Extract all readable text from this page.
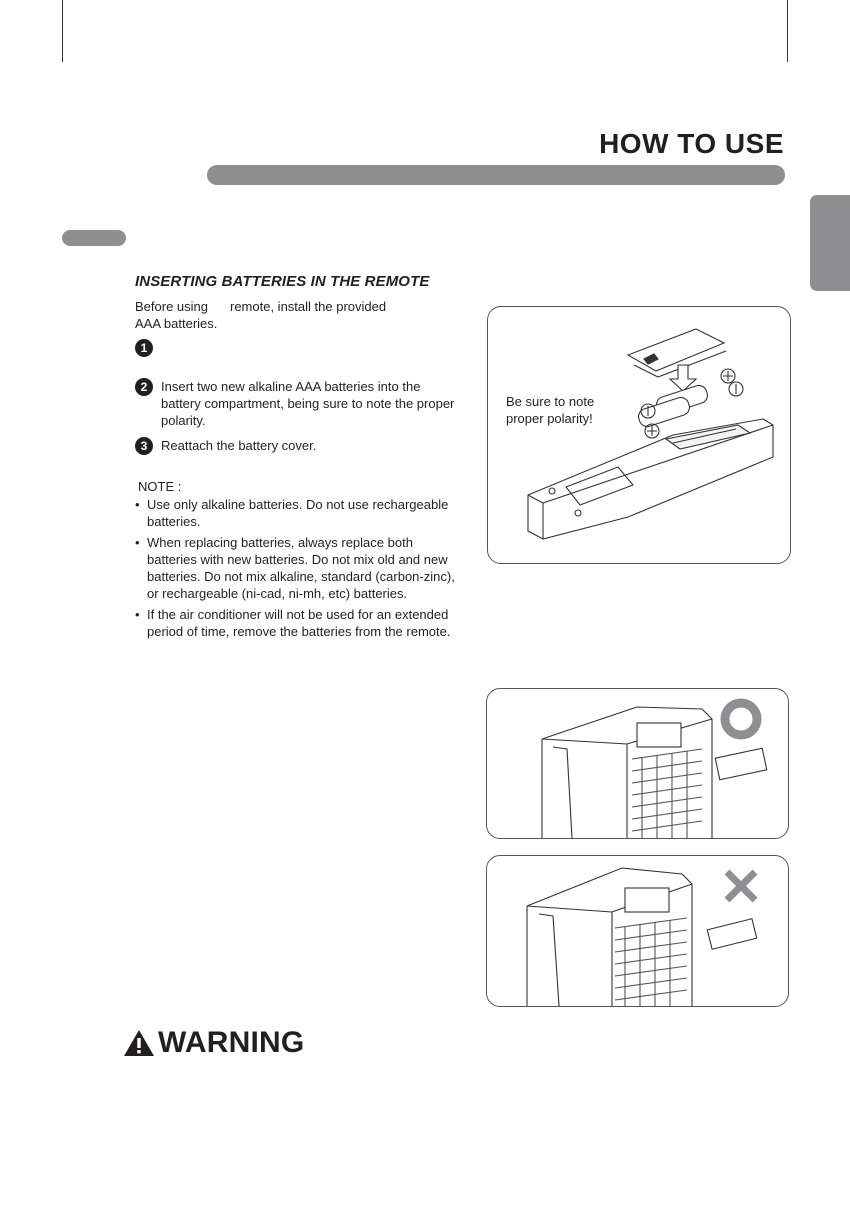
HOW TO USE
INSERTING BATTERIES IN THE REMOTE
Before using remote, install the provided
AAA batteries.
1
2	Insert two new alkaline AAA batteries into the battery compartment, being sure to note the proper polarity.
3	Reattach the battery cover.
NOTE :
• Use only alkaline batteries. Do not use rechargeable batteries.
• When replacing batteries, always replace both batteries with new batteries. Do not mix old and new batteries. Do not mix alkaline, standard (carbon-zinc), or rechargeable (ni-cad, ni-mh, etc) batteries.
• If the air conditioner will not be used for an extended period of time, remove the batteries from the remote.
Be sure to note
proper polarity!
WARNING
